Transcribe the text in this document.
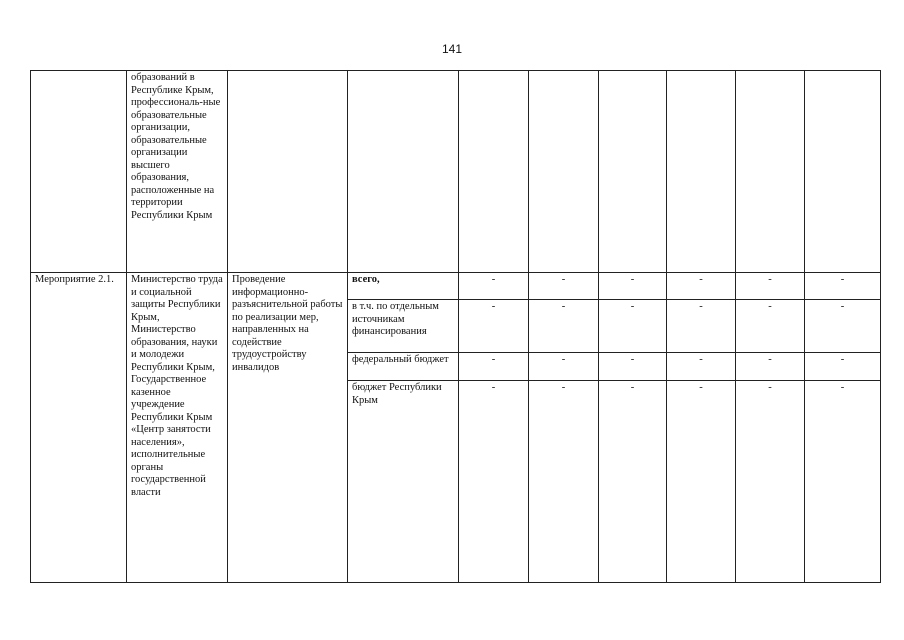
141
	образований в Республике Крым, профессиональ-ные образовательные организации, образовательные организации высшего образования, расположенные на территории Республики Крым								
Мероприятие 2.1.	Министерство труда и социальной защиты Республики Крым, Министерство образования, науки и молодежи Республики Крым, Государственное казенное учреждение Республики Крым «Центр занятости населения», исполнительные органы государственной власти	Проведение информационно-разъяснительной работы по реализации мер, направленных на содействие трудоустройству инвалидов	всего,	-	-	-	-	-	-
			в т.ч. по отдельным источникам финансирования	-	-	-	-	-	-
			федеральный бюджет	-	-	-	-	-	-
			бюджет Республики Крым	-	-	-	-	-	-
